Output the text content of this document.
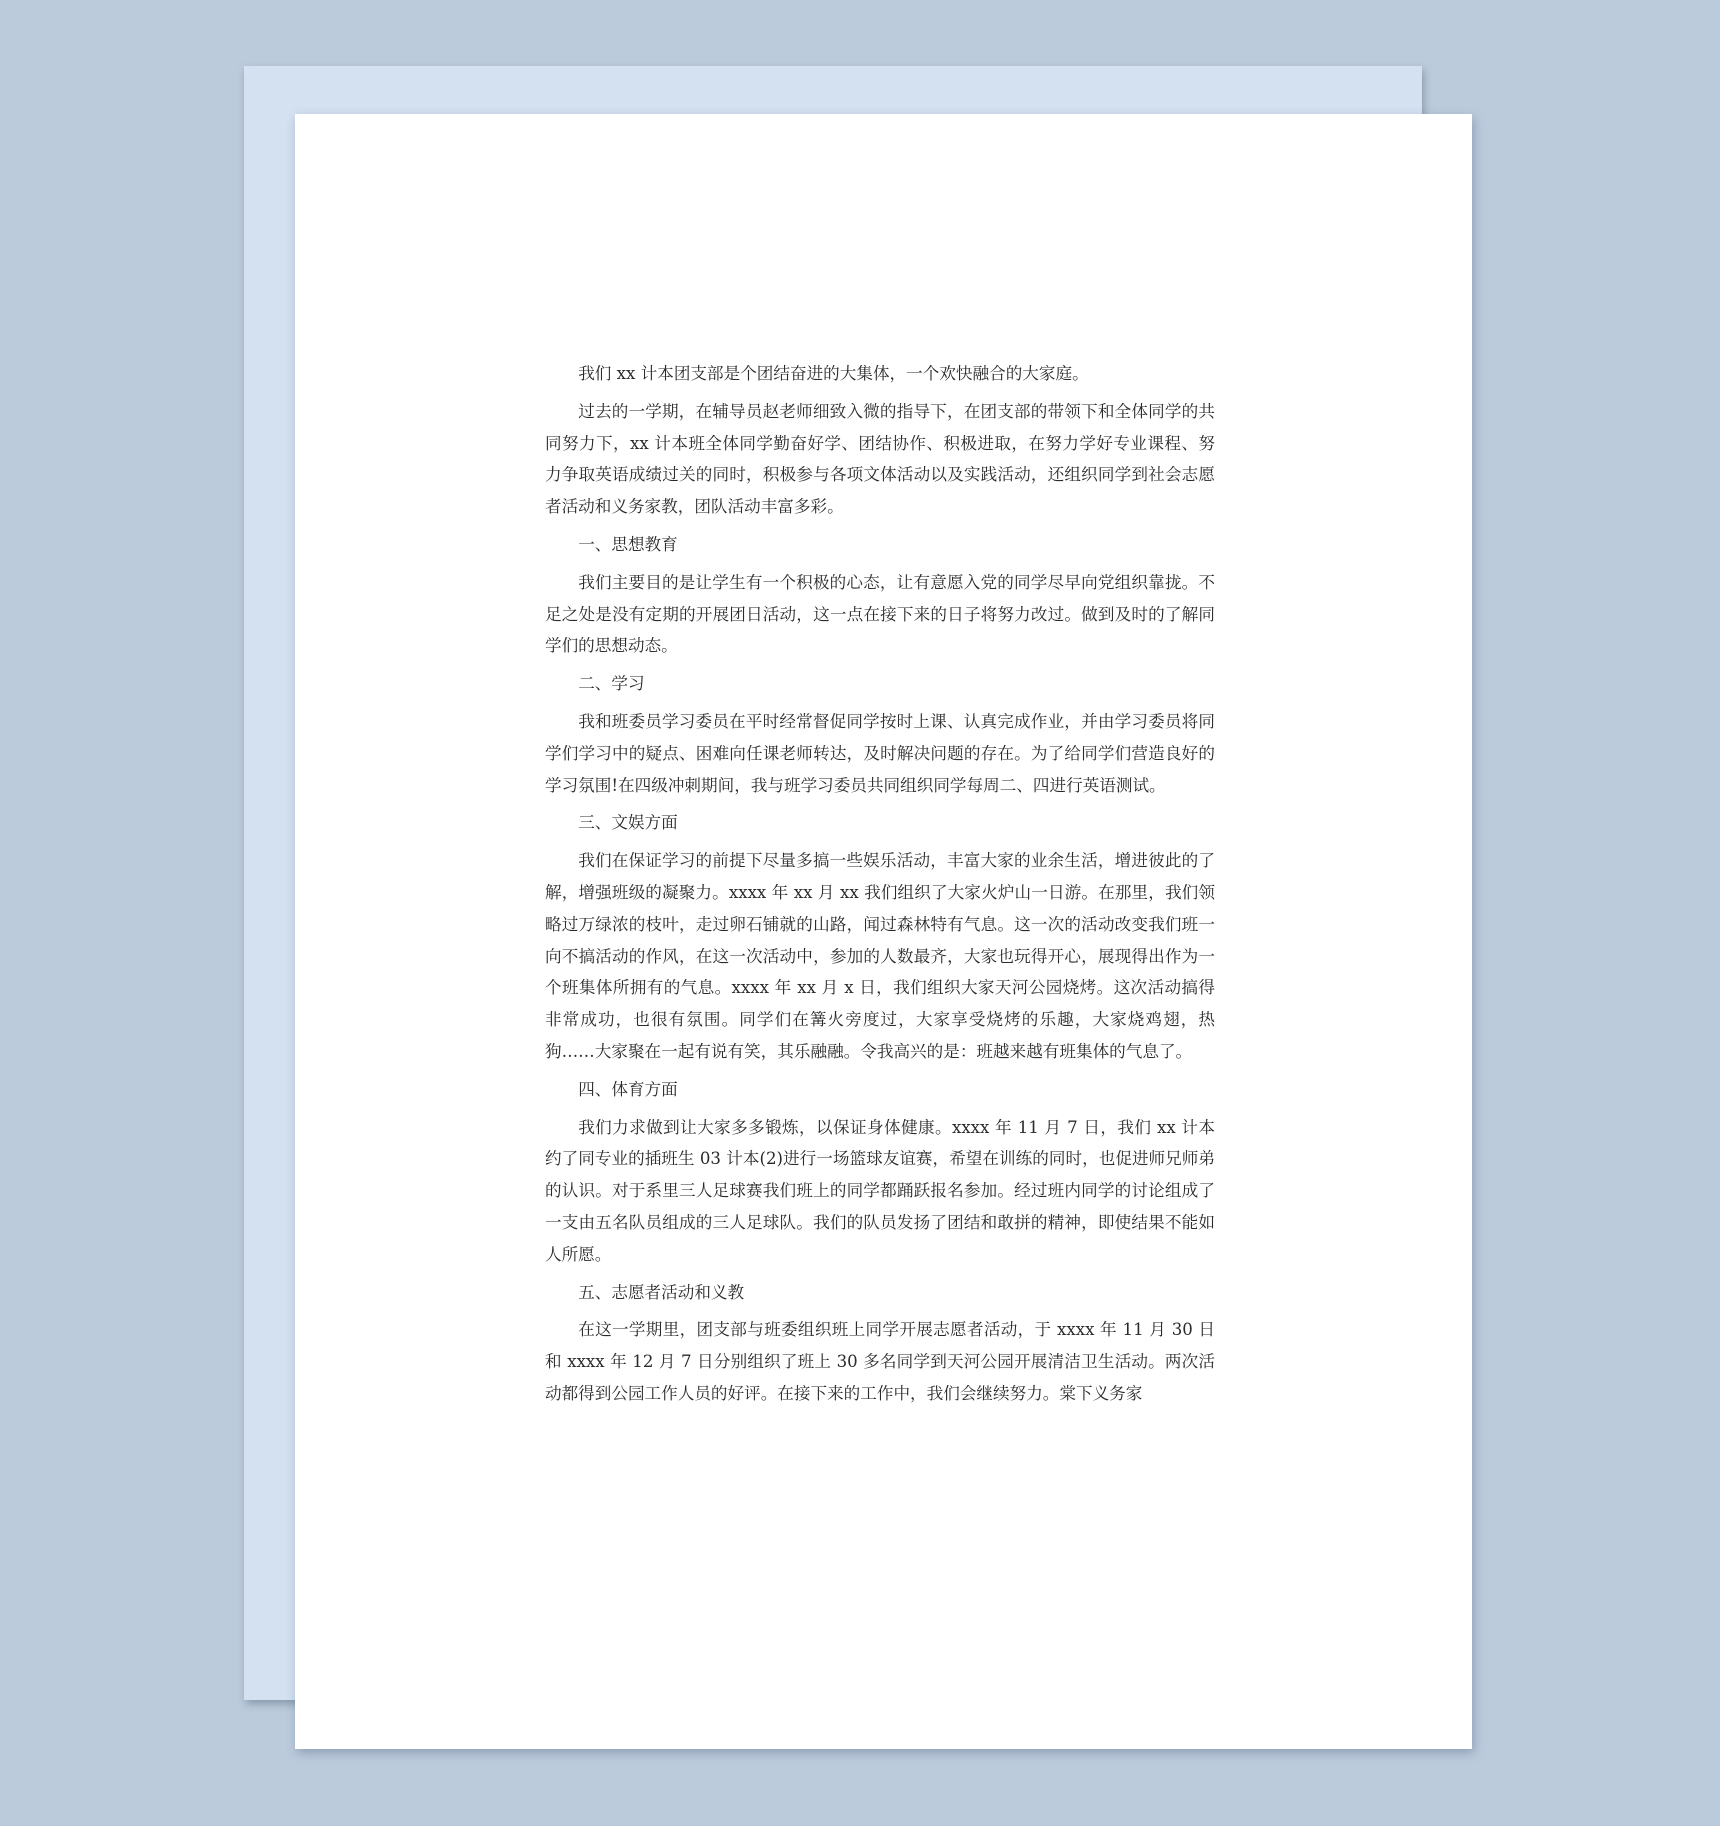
我们 xx 计本团支部是个团结奋进的大集体，一个欢快融合的大家庭。

过去的一学期，在辅导员赵老师细致入微的指导下，在团支部的带领下和全体同学的共同努力下，xx 计本班全体同学勤奋好学、团结协作、积极进取，在努力学好专业课程、努力争取英语成绩过关的同时，积极参与各项文体活动以及实践活动，还组织同学到社会志愿者活动和义务家教，团队活动丰富多彩。

一、思想教育

我们主要目的是让学生有一个积极的心态，让有意愿入党的同学尽早向党组织靠拢。不足之处是没有定期的开展团日活动，这一点在接下来的日子将努力改过。做到及时的了解同学们的思想动态。

二、学习

我和班委员学习委员在平时经常督促同学按时上课、认真完成作业，并由学习委员将同学们学习中的疑点、困难向任课老师转达，及时解决问题的存在。为了给同学们营造良好的学习氛围!在四级冲刺期间，我与班学习委员共同组织同学每周二、四进行英语测试。

三、文娱方面

我们在保证学习的前提下尽量多搞一些娱乐活动，丰富大家的业余生活，增进彼此的了解，增强班级的凝聚力。xxxx 年 xx 月 xx 我们组织了大家火炉山一日游。在那里，我们领略过万绿浓的枝叶，走过卵石铺就的山路，闻过森林特有气息。这一次的活动改变我们班一向不搞活动的作风，在这一次活动中，参加的人数最齐，大家也玩得开心，展现得出作为一个班集体所拥有的气息。xxxx 年 xx 月 x 日，我们组织大家天河公园烧烤。这次活动搞得非常成功，也很有氛围。同学们在篝火旁度过，大家享受烧烤的乐趣，大家烧鸡翅，热狗……大家聚在一起有说有笑，其乐融融。令我高兴的是：班越来越有班集体的气息了。

四、体育方面

我们力求做到让大家多多锻炼，以保证身体健康。xxxx 年 11 月 7 日，我们 xx 计本约了同专业的插班生 03 计本(2)进行一场篮球友谊赛，希望在训练的同时，也促进师兄师弟的认识。对于系里三人足球赛我们班上的同学都踊跃报名参加。经过班内同学的讨论组成了一支由五名队员组成的三人足球队。我们的队员发扬了团结和敢拼的精神，即使结果不能如人所愿。

五、志愿者活动和义教

在这一学期里，团支部与班委组织班上同学开展志愿者活动，于 xxxx 年 11 月 30 日和 xxxx 年 12 月 7 日分别组织了班上 30 多名同学到天河公园开展清洁卫生活动。两次活动都得到公园工作人员的好评。在接下来的工作中，我们会继续努力。棠下义务家
